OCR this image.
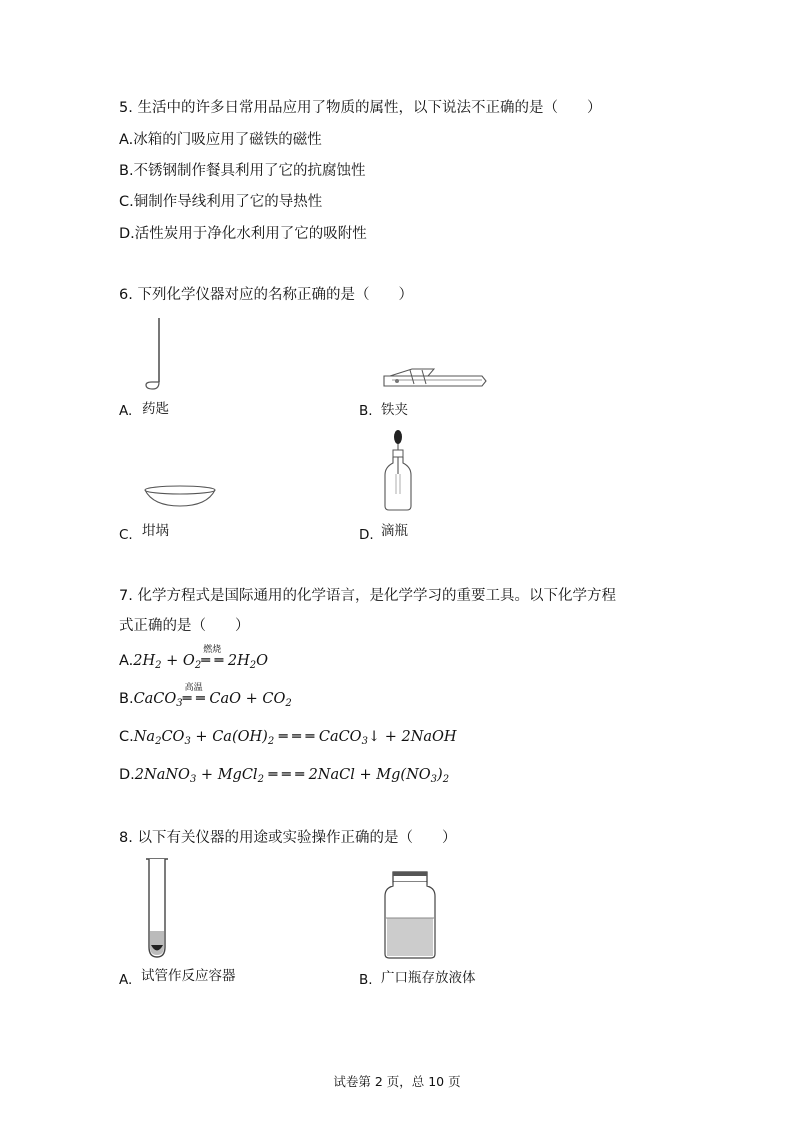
5. 生活中的许多日常用品应用了物质的属性，以下说法不正确的是（　　）
A.冰箱的门吸应用了磁铁的磁性
B.不锈钢制作餐具利用了它的抗腐蚀性
C.铜制作导线利用了它的导热性
D.活性炭用于净化水利用了它的吸附性
6. 下列化学仪器对应的名称正确的是（　　）
A. 药匙	B. 铁夹
C. 坩埚	D. 滴瓶
7. 化学方程式是国际通用的化学语言，是化学学习的重要工具。以下化学方程
式正确的是（　　）
$A.2H_2 + O_2$
燃烧
═ ═ $2H_2O$
B.CaCO$_3$
高温
═ ═ CaO + $CO_2$
$C.Na_2CO_3 + Ca(OH)_2$ ═ ═ ═ CaCO$_3$↓ + 2NaOH
D.2NaNO$_3$ + MgCl$_2$ ═ ═ ═ 2NaCl + $Mg(NO_3)_2$
8. 以下有关仪器的用途或实验操作正确的是（　　）
A. 试管作反应容器	B. 广口瓶存放液体
试卷第 2 页，总 10 页
